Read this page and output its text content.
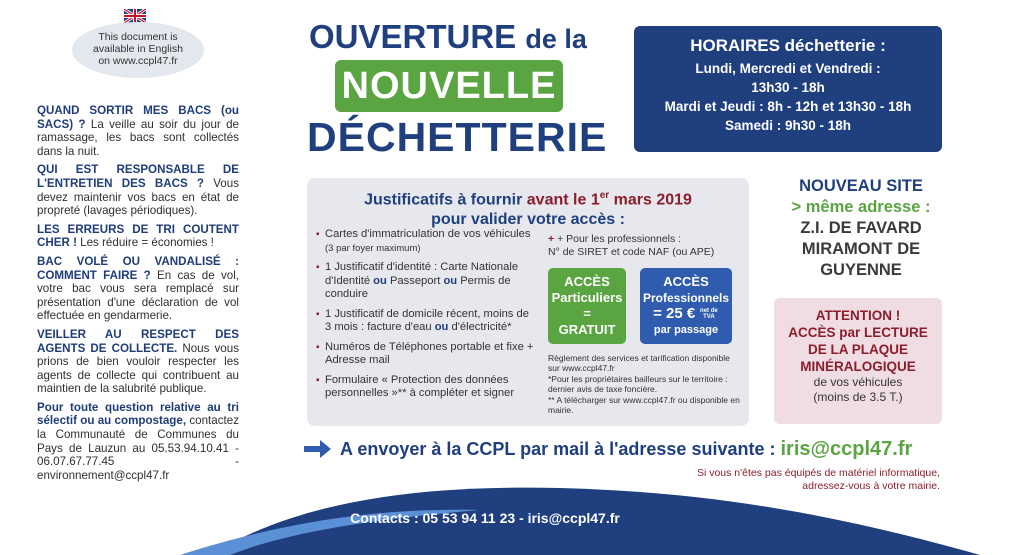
This document is
available in English
on www.ccpl47.fr

QUAND SORTIR MES BACS (ou SACS) ? La veille au soir du jour de ramassage, les bacs sont collectés dans la nuit.

QUI EST RESPONSABLE DE L'ENTRETIEN DES BACS ? Vous devez maintenir vos bacs en état de propreté (lavages périodiques).

LES ERREURS DE TRI COUTENT CHER ! Les réduire = économies !

BAC VOLÉ OU VANDALISÉ : COMMENT FAIRE ? En cas de vol, votre bac vous sera remplacé sur présentation d'une déclaration de vol effectuée en gendarmerie.

VEILLER AU RESPECT DES AGENTS DE COLLECTE. Nous vous prions de bien vouloir respecter les agents de collecte qui contribuent au maintien de la salubrité publique.

Pour toute question relative au tri sélectif ou au compostage, contactez la Communauté de Communes du Pays de Lauzun au 05.53.94.10.41 - 06.07.67.77.45 - environnement@ccpl47.fr

OUVERTURE de la
NOUVELLE
DÉCHETTERIE
HORAIRES déchetterie :
Lundi, Mercredi et Vendredi :
13h30 - 18h
Mardi et Jeudi : 8h - 12h et 13h30 - 18h
Samedi : 9h30 - 18h
Justificatifs à fournir avant le 1er mars 2019
pour valider votre accès :
▪ Cartes d'immatriculation de vos véhicules (3 par foyer maximum)
▪ 1 Justificatif d'identité : Carte Nationale d'Identité ou Passeport ou Permis de conduire
▪ 1 Justificatif de domicile récent, moins de 3 mois : facture d'eau ou d'électricité*
▪ Numéros de Téléphones portable et fixe + Adresse mail
▪ Formulaire « Protection des données personnelles »** à compléter et signer
+ + Pour les professionnels :
N° de SIRET et code NAF (ou APE)
ACCÈS
Particuliers
=
GRATUIT
ACCÈS
Professionnels
= 25 € net de TVA
par passage
Règlement des services et tarification disponible sur www.ccpl47.fr
*Pour les propriétaires bailleurs sur le territoire : dernier avis de taxe foncière.
** A télécharger sur www.ccpl47.fr ou disponible en mairie.
NOUVEAU SITE
> même adresse :
Z.I. DE FAVARD
MIRAMONT DE
GUYENNE
ATTENTION !
ACCÈS par LECTURE
DE LA PLAQUE
MINÉRALOGIQUE
de vos véhicules
(moins de 3.5 T.)
A envoyer à la CCPL par mail à l'adresse suivante : iris@ccpl47.fr
Si vous n'êtes pas équipés de matériel informatique,
adressez-vous à votre mairie.
Contacts : 05 53 94 11 23 - iris@ccpl47.fr
